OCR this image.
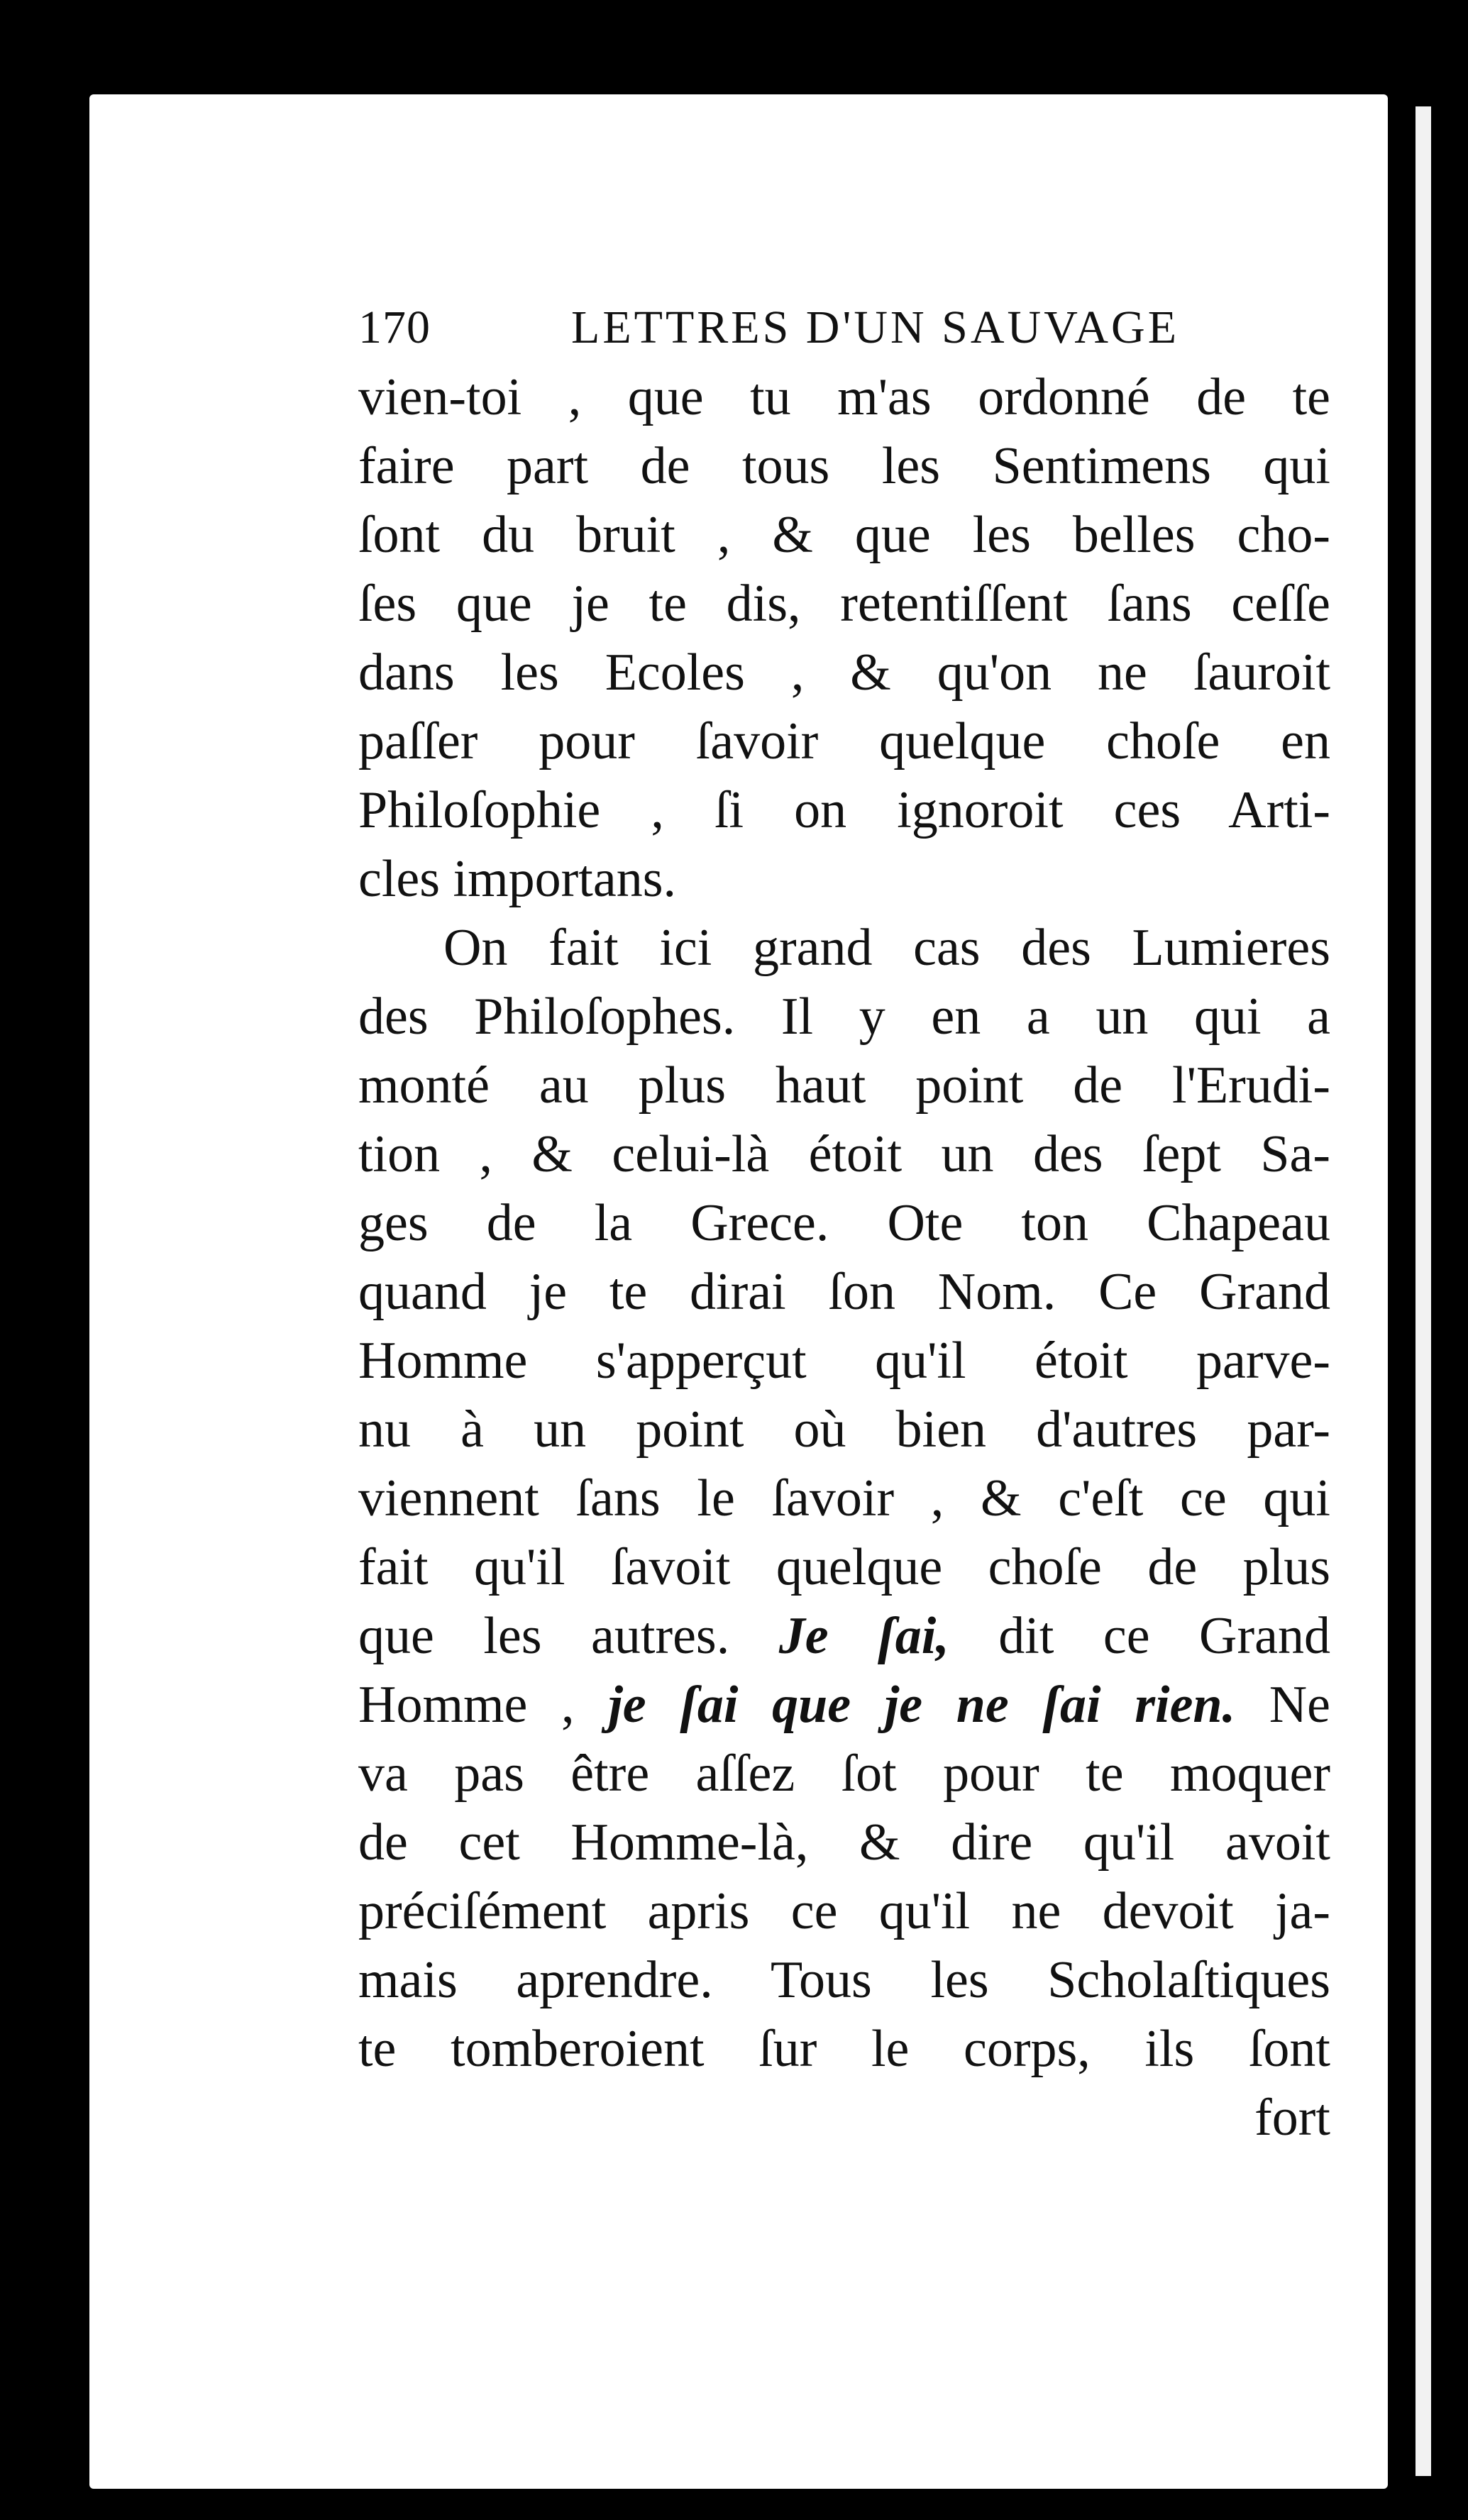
170	LETTRES D'UN SAUVAGE
vien-toi , que tu m'as ordonné de te
faire part de tous les Sentimens qui
ſont du bruit , & que les belles cho-
ſes que je te dis, retentiſſent ſans ceſſe
dans les Ecoles , & qu'on ne ſauroit
paſſer pour ſavoir quelque choſe en
Philoſophie , ſi on ignoroit ces Arti-
cles importans.
On fait ici grand cas des Lumieres
des Philoſophes. Il y en a un qui a
monté au plus haut point de l'Erudi-
tion , & celui-là étoit un des ſept Sa-
ges de la Grece. Ote ton Chapeau
quand je te dirai ſon Nom. Ce Grand
Homme s'apperçut qu'il étoit parve-
nu à un point où bien d'autres par-
viennent ſans le ſavoir , & c'eſt ce qui
fait qu'il ſavoit quelque choſe de plus
que les autres. Je ſai, dit ce Grand
Homme , je ſai que je ne ſai rien. Ne
va pas être aſſez ſot pour te moquer
de cet Homme-là, & dire qu'il avoit
préciſément apris ce qu'il ne devoit ja-
mais aprendre. Tous les Scholaſtiques
te tomberoient ſur le corps, ils ſont
fort
